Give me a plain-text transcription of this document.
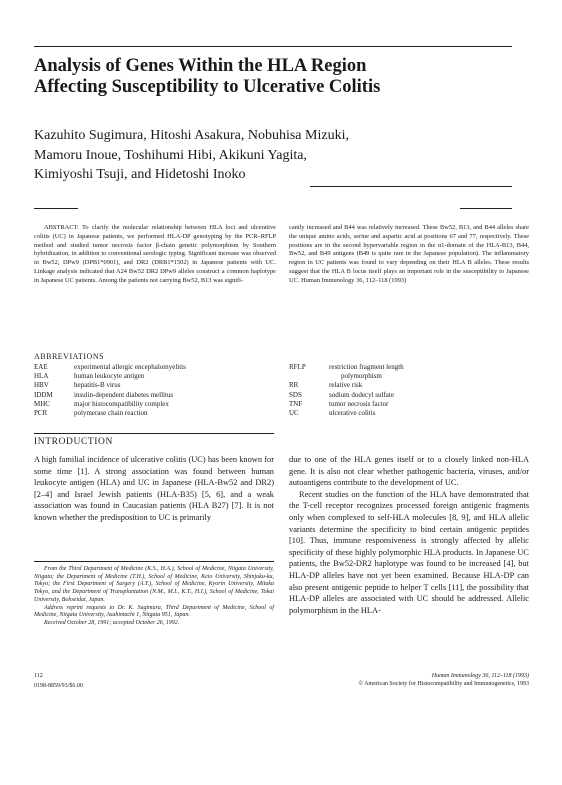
Analysis of Genes Within the HLA Region
Affecting Susceptibility to Ulcerative Colitis
Kazuhito Sugimura, Hitoshi Asakura, Nobuhisa Mizuki,
Mamoru Inoue, Toshihumi Hibi, Akikuni Yagita,
Kimiyoshi Tsuji, and Hidetoshi Inoko

ABSTRACT: To clarify the molecular relationship between HLA loci and ulcerative colitis (UC) in Japanese patients, we performed HLA-DP genotyping by the PCR–RFLP method and studied tumor necrosis factor β-chain genetic polymorphism by Southern hybridization, in addition to conventional serologic typing. Significant increase was observed in Bw52, DPw9 (DPB1*0901), and DR2 (DRB1*1502) in Japanese patients with UC. Linkage analysis indicated that A24 Bw52 DR2 DPw9 alleles construct a common haplotype in Japanese UC patients. Among the patients not carrying Bw52, B13 was signifi-

cantly increased and B44 was relatively increased. These Bw52, B13, and B44 alleles share the unique amino acids, serine and aspartic acid at positions 67 and 77, respectively. These positions are in the second hypervariable region in the α1-domain of the HLA-B13, B44, Bw52, and B49 antigens (B49 is quite rare in the Japanese population). The inflammatory region in UC patients was found to vary depending on their HLA B alleles. These results suggest that the HLA B locus itself plays an important role in the susceptibility to Japanese UC. Human Immunology 36, 112–118 (1993)

ABBREVIATIONS
EAE	experimental allergic encephalomyelitis
HLA	human leukocyte antigen
HBV	hepatitis-B virus
IDDM	insulin-dependent diabetes mellitus
MHC	major histocompatibility complex
PCR	polymerase chain reaction
RFLP	restriction fragment length
	polymorphism
RR	relative risk
SDS	sodium dodecyl sulfate
TNF	tumor necrosis factor
UC	ulcerative colitis
INTRODUCTION

A high familial incidence of ulcerative colitis (UC) has been known for some time [1]. A strong association was found between human leukocyte antigen (HLA) and UC in Japanese (HLA-Bw52 and DR2) [2–4] and Israel Jewish patients (HLA-B35) [5, 6], and a weak association was found in Caucasian patients (HLA B27) [7]. It is not known whether the predisposition to UC is primarily

due to one of the HLA genes itself or to a closely linked non-HLA gene. It is also not clear whether pathogenic bacteria, viruses, and/or autoantigens contribute to the development of UC.

Recent studies on the function of the HLA have demonstrated that the T-cell receptor recognizes processed foreign antigenic fragments only when complexed to self-HLA molecules [8, 9], and HLA allelic variants determine the specificity to bind certain antigenic peptides [10]. Thus, immune responsiveness is strongly affected by allelic specificity of these highly polymorphic HLA products. In Japanese UC patients, the Bw52-DR2 haplotype was found to be increased [4], but HLA-DP alleles have not yet been examined. Because HLA-DP can also present antigenic peptide to helper T cells [11], the possibility that HLA-DP alleles are associated with UC should be addressed. Allelic polymorphism in the HLA-

From the Third Department of Medicine (K.S., H.A.), School of Medicine, Niigata University, Niigata; the Department of Medicine (T.H.), School of Medicine, Keio University, Shinjuku-ku, Tokyo; the First Department of Surgery (A.Y.), School of Medicine, Kyorin University, Mitaka Tokyo, and the Department of Transplantation (N.M., M.I., K.T., H.I.), School of Medicine, Tokai University, Bohseidai, Japan.

Address reprint requests to Dr. K. Sugimura, Third Department of Medicine, School of Medicine, Niigata University, Asahimachi 1, Niigata 951, Japan.

Received October 28, 1991; accepted October 26, 1992.

112
0198-8859/93/$6.00
Human Immunology 36, 112–118 (1993)
© American Society for Histocompatibility and Immunogenetics, 1993
